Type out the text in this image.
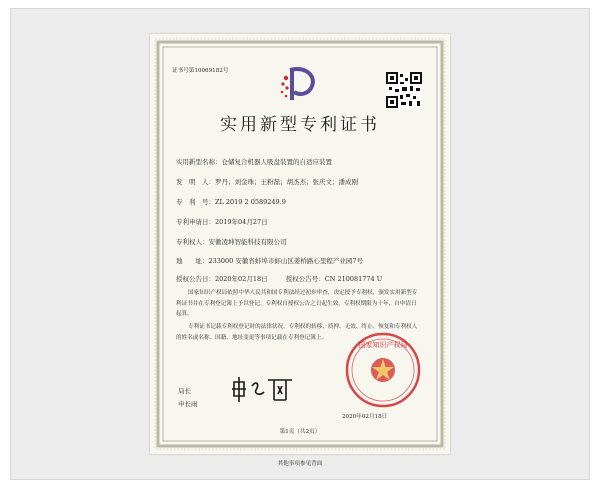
证书号第10069182号
实用新型专利证书
实用新型名称：仓储复合机器人吸盘装置的自适应装置
发　明　人：罗丹；刘金珠；王粉磊；胡杰杰；张庆文；潘成刚
专　利　号：ZL 2019 2 0589249.9
专利申请日：2019年04月27日
专利权人：安徽凌坤智能科技有限公司
地　　址：233000 安徽省蚌埠市蚌山区姜桥路心里程产业园7号
授权公告日：2020年02月18日	授权公告号：CN 210081774 U
国家知识产权局依照中华人民共和国专利法经过初步审查，决定授予专利权，颁发实用新型专利证书并在专利登记簿上予以登记。专利权自授权公告之日起生效。专利权期限为十年，自申请日起算。
专利证书记载专利权登记时的法律状况。专利权的转移、质押、无效、终止、恢复和专利权人的姓名或名称、国籍、地址变更等事项记载在专利登记簿上。
国家知识产权局
局长
申长雨
2020年02月18日
第1页（共2页）
其他事项参见背面
